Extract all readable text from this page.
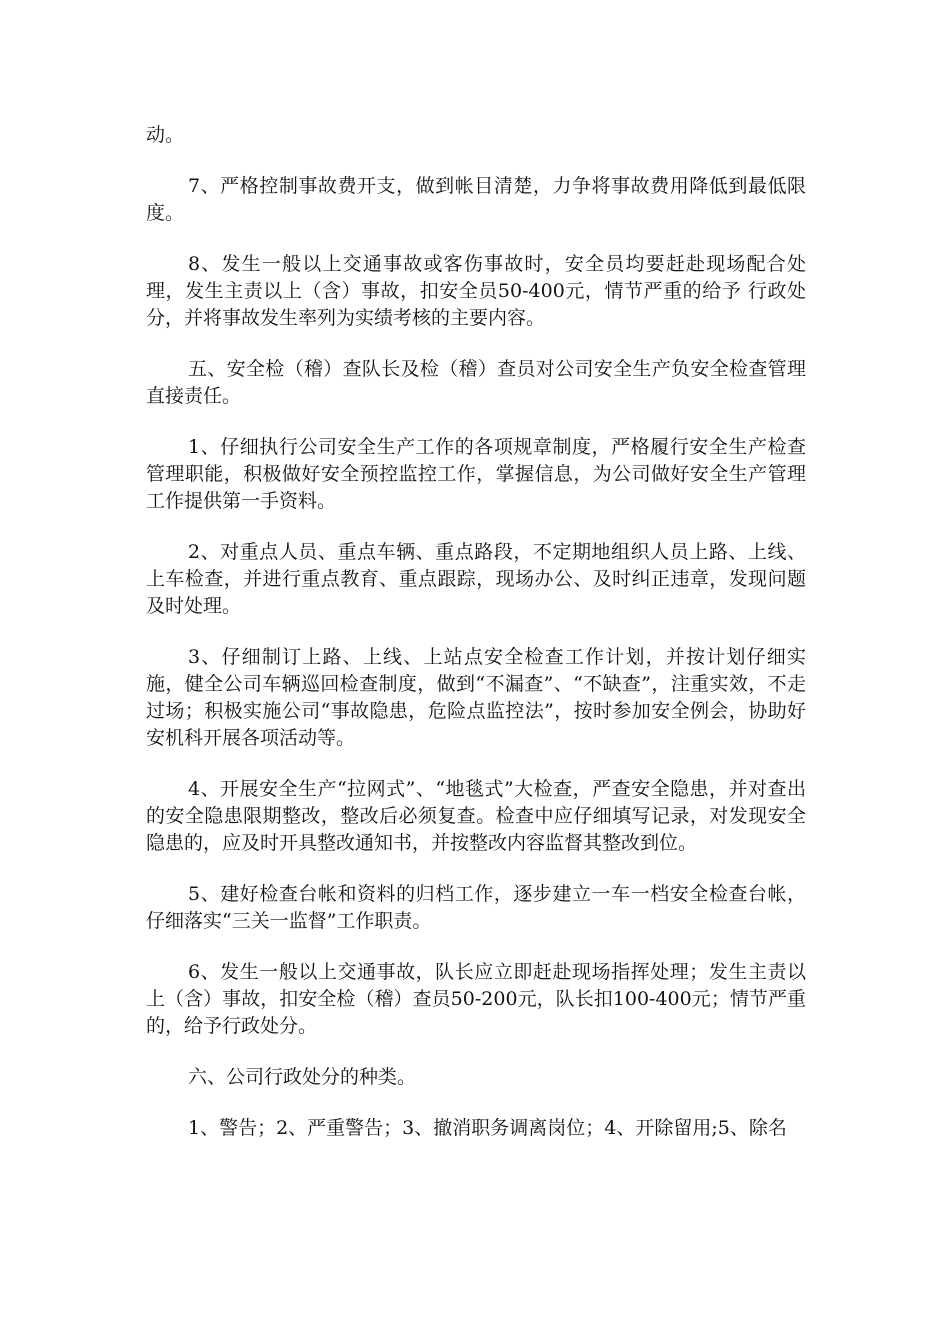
动。

7、严格控制事故费开支，做到帐目清楚，力争将事故费用降低到最低限度。

8、发生一般以上交通事故或客伤事故时，安全员均要赶赴现场配合处理，发生主责以上（含）事故，扣安全员50-400元，情节严重的给予 行政处分，并将事故发生率列为实绩考核的主要内容。

五、安全检（稽）查队长及检（稽）查员对公司安全生产负安全检查管理直接责任。

1、仔细执行公司安全生产工作的各项规章制度，严格履行安全生产检查管理职能，积极做好安全预控监控工作，掌握信息，为公司做好安全生产管理工作提供第一手资料。

2、对重点人员、重点车辆、重点路段，不定期地组织人员上路、上线、上车检查，并进行重点教育、重点跟踪，现场办公、及时纠正违章，发现问题及时处理。

3、仔细制订上路、上线、上站点安全检查工作计划，并按计划仔细实施，健全公司车辆巡回检查制度，做到“不漏查”、“不缺查”，注重实效，不走过场；积极实施公司“事故隐患，危险点监控法”，按时参加安全例会，协助好安机科开展各项活动等。

4、开展安全生产“拉网式”、“地毯式”大检查，严查安全隐患，并对查出的安全隐患限期整改，整改后必须复查。检查中应仔细填写记录，对发现安全隐患的，应及时开具整改通知书，并按整改内容监督其整改到位。

5、建好检查台帐和资料的归档工作，逐步建立一车一档安全检查台帐，仔细落实“三关一监督”工作职责。

6、发生一般以上交通事故，队长应立即赶赴现场指挥处理；发生主责以上（含）事故，扣安全检（稽）查员50-200元，队长扣100-400元；情节严重的，给予行政处分。

六、公司行政处分的种类。

1、警告；2、严重警告；3、撤消职务调离岗位；4、开除留用;5、除名
